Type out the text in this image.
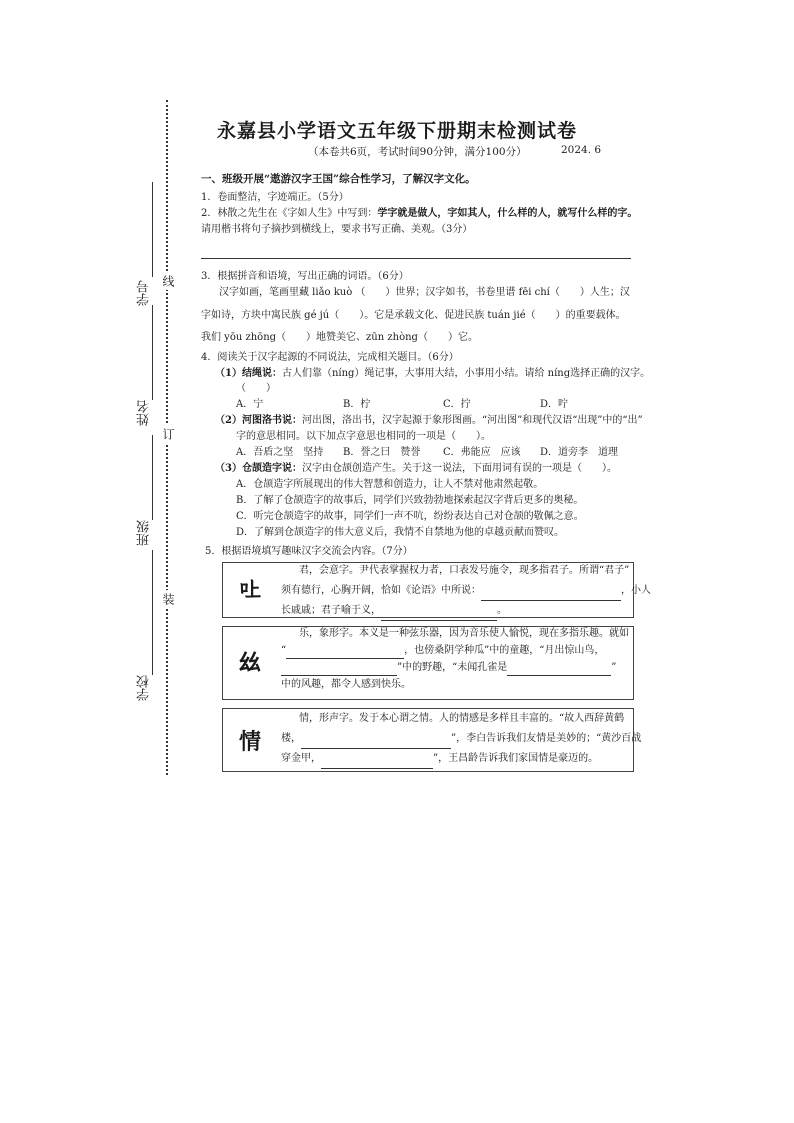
线
订
装
学号
姓名
班级
学校
永嘉县小学语文五年级下册期末检测试卷
（本卷共6页，考试时间90分钟，满分100分）	2024. 6
一、班级开展“遨游汉字王国”综合性学习，了解汉字文化。
1．卷面整洁，字迹端正。（5分）
2．林散之先生在《字如人生》中写到：学字就是做人，字如其人，什么样的人，就写什么样的字。
请用楷书将句子摘抄到横线上，要求书写正确、美观。（3分）
3．根据拼音和语境，写出正确的词语。（6分）
汉字如画，笔画里藏 liǎo kuò （　　）世界；汉字如书，书卷里谱 fēi chí（　　）人生；汉
字如诗，方块中寓民族 gé jú（　　）。它是承载文化、促进民族 tuán jié（　　）的重要载体。
我们 yōu zhōng（　　）地赞美它、zūn zhòng（　　）它。
4．阅读关于汉字起源的不同说法，完成相关题目。（6分）
（1）结绳说：古人们靠（níng）绳记事，大事用大结，小事用小结。请给 níng选择正确的汉字。
（　　）
A．宁	B．柠	C．拧	D．咛
（2）河图洛书说：河出图，洛出书，汉字起源于象形图画。“河出图”和现代汉语“出现”中的“出”
字的意思相同。以下加点字意思也相同的一项是（　　）。
A．吾盾之坚　坚持 B．誉之曰　赞誉 C．弗能应　应该 D．道旁李　道理
（3）仓颉造字说：汉字由仓颉创造产生。关于这一说法，下面用词有误的一项是（　　）。
A．仓颉造字所展现出的伟大智慧和创造力，让人不禁对他肃然起敬。
B．了解了仓颉造字的故事后，同学们兴致勃勃地探索起汉字背后更多的奥秘。
C．听完仓颉造字的故事，同学们一声不吭，纷纷表达自己对仓颉的敬佩之意。
D．了解到仓颉造字的伟大意义后，我情不自禁地为他的卓越贡献而赞叹。
5．根据语境填写趣味汉字交流会内容。（7分）
𠮵

君，会意字。尹代表掌握权力者，口表发号施令，现多指君子。所谓“君子”

须有德行，心胸开阔，恰如《论语》中所说：	，小人

长戚戚；君子喻于义，	。

𢆶

乐，象形字。本义是一种弦乐器，因为音乐使人愉悦，现在多指乐趣。就如

“	，也傍桑阴学种瓜”中的童趣，“月出惊山鸟，

”中的野趣，“未闻孔雀是	”

中的风趣，都令人感到快乐。

情

情，形声字。发于本心谓之情。人的情感是多样且丰富的。“故人西辞黄鹤

楼，	”，李白告诉我们友情是美妙的；“黄沙百战

穿金甲，	”，王昌龄告诉我们家国情是豪迈的。
